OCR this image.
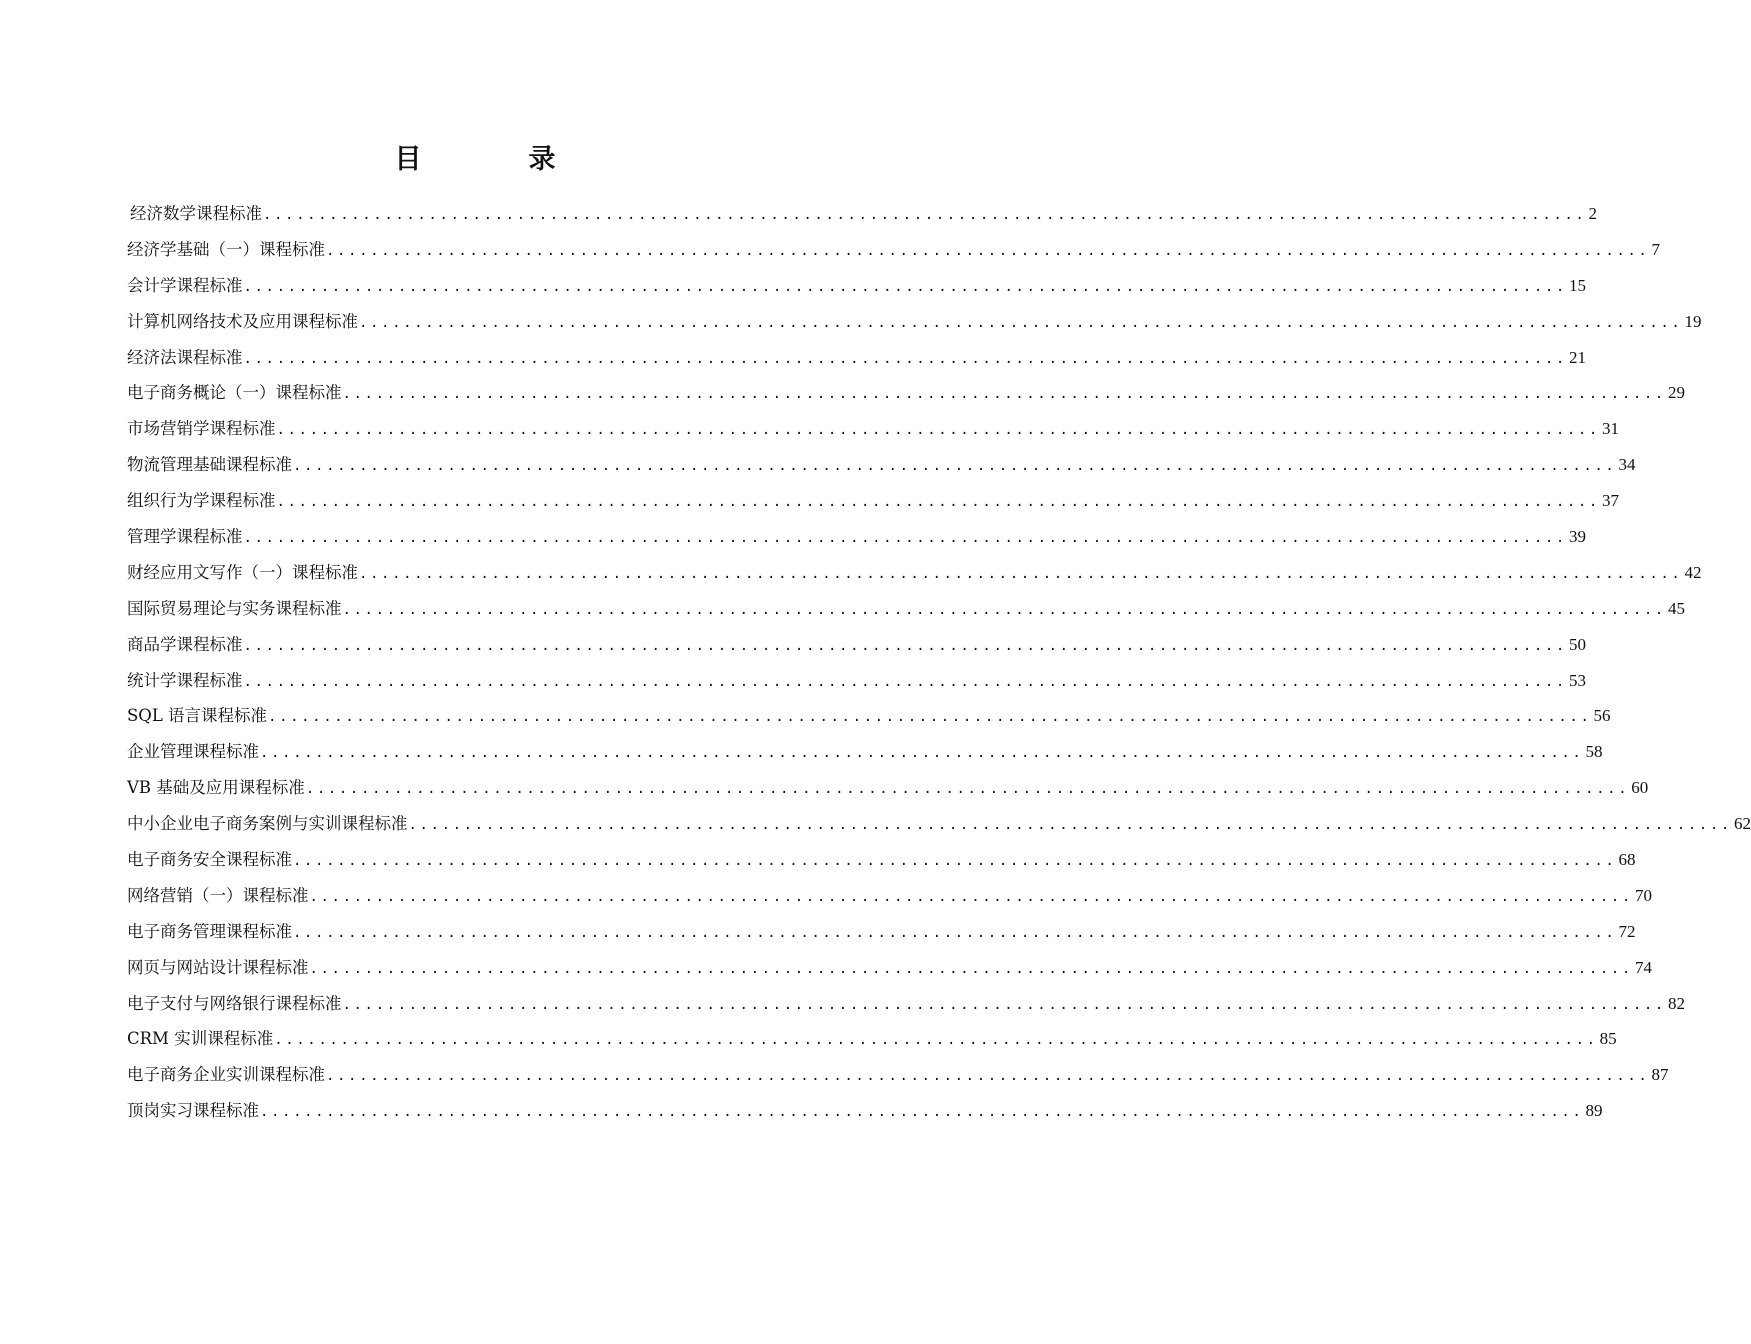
目　录
经济数学课程标准 ........................................................................................................................ 2
经济学基础（一）课程标准 ........................................................................................................................ 7
会计学课程标准 ........................................................................................................................ 15
计算机网络技术及应用课程标准 ........................................................................................................................ 19
经济法课程标准 ........................................................................................................................ 21
电子商务概论（一）课程标准 ........................................................................................................................ 29
市场营销学课程标准 ........................................................................................................................ 31
物流管理基础课程标准 ........................................................................................................................ 34
组织行为学课程标准 ........................................................................................................................ 37
管理学课程标准 ........................................................................................................................ 39
财经应用文写作（一）课程标准 ........................................................................................................................ 42
国际贸易理论与实务课程标准 ........................................................................................................................ 45
商品学课程标准 ........................................................................................................................ 50
统计学课程标准 ........................................................................................................................ 53
SQL 语言课程标准 ........................................................................................................................ 56
企业管理课程标准 ........................................................................................................................ 58
VB 基础及应用课程标准 ........................................................................................................................ 60
中小企业电子商务案例与实训课程标准 ........................................................................................................................ 62
电子商务安全课程标准 ........................................................................................................................ 68
网络营销（一）课程标准 ........................................................................................................................ 70
电子商务管理课程标准 ........................................................................................................................ 72
网页与网站设计课程标准 ........................................................................................................................ 74
电子支付与网络银行课程标准 ........................................................................................................................ 82
CRM 实训课程标准 ........................................................................................................................ 85
电子商务企业实训课程标准 ........................................................................................................................ 87
顶岗实习课程标准 ........................................................................................................................ 89
